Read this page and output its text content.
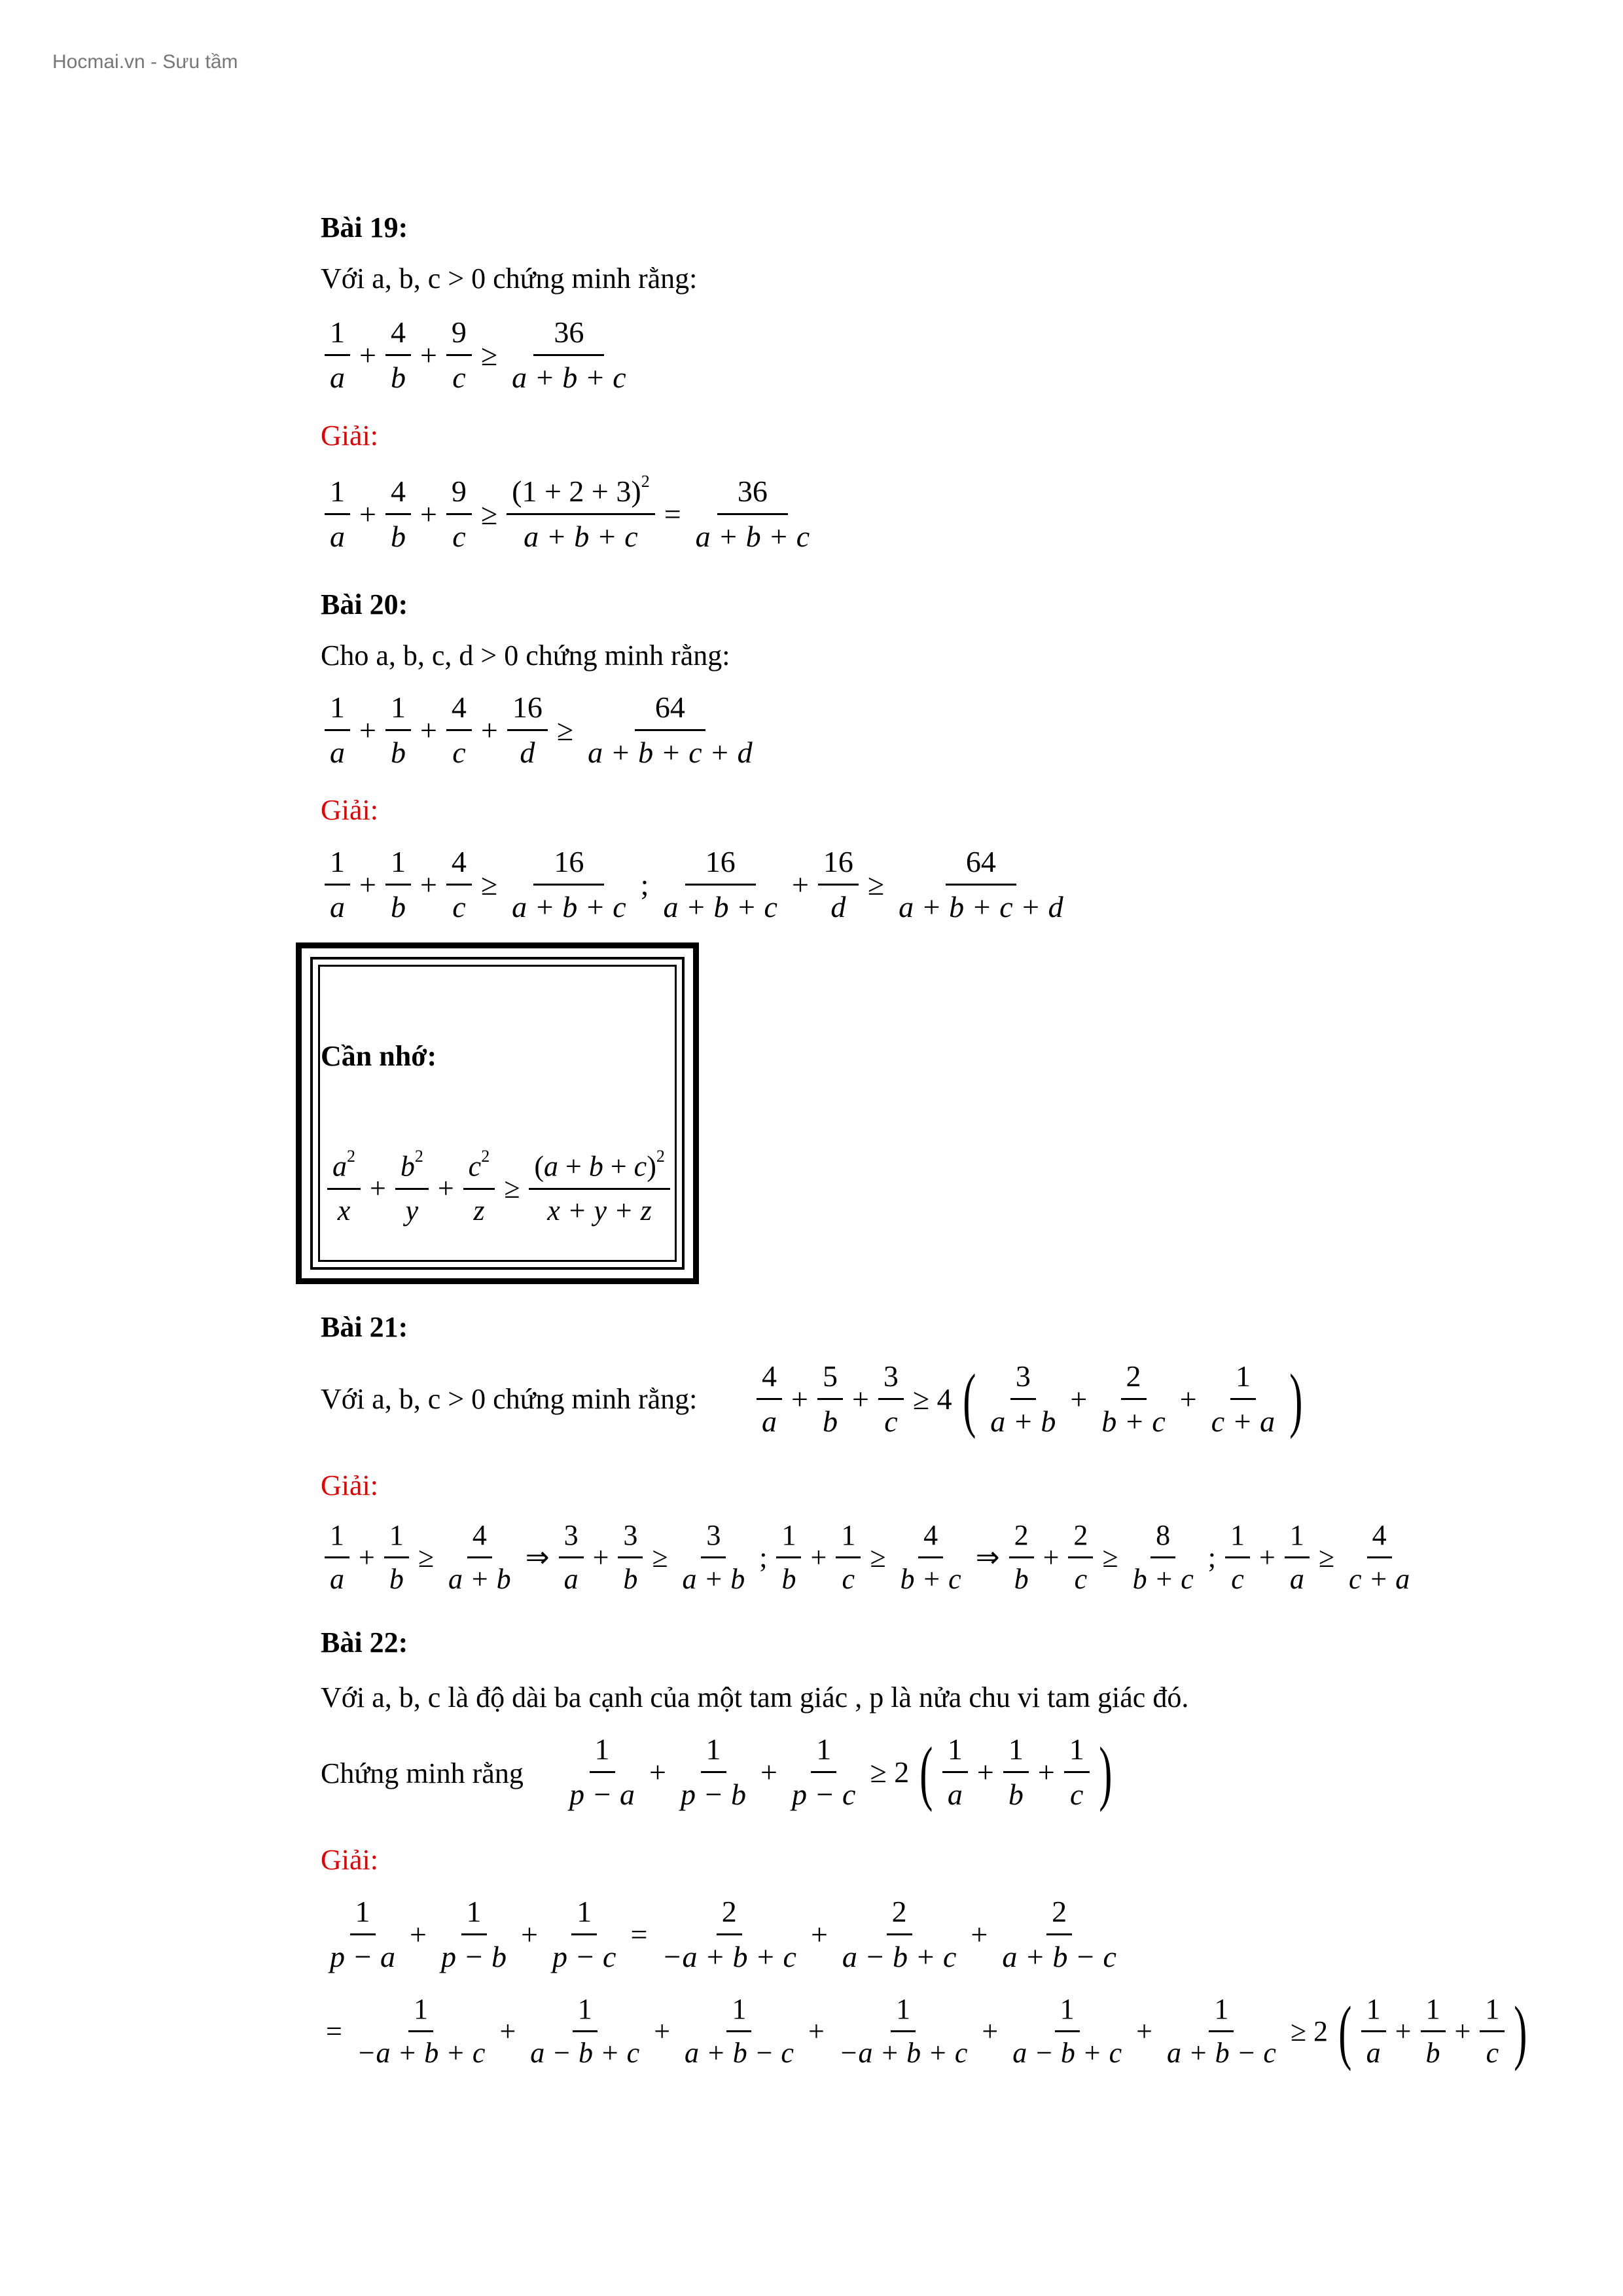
Hocmai.vn - Sưu tầm
Bài 19:
Với a, b, c > 0 chứng minh rằng:
$\frac{1}{a} + \frac{4}{b} + \frac{9}{c} \ge \frac{36}{a + b + c}$
Giải:
$\frac{1}{a} + \frac{4}{b} + \frac{9}{c} \ge \frac{(1 + 2 + 3)^2}{a + b + c} = \frac{36}{a + b + c}$
Bài 20:
Cho a, b, c, d > 0 chứng minh rằng:
$\frac{1}{a} + \frac{1}{b} + \frac{4}{c} + \frac{16}{d} \ge \frac{64}{a + b + c + d}$
Giải:
$\frac{1}{a} + \frac{1}{b} + \frac{4}{c} \ge \frac{16}{a + b + c}$ ; $\frac{16}{a + b + c} + \frac{16}{d} \ge \frac{64}{a + b + c + d}$
Cần nhớ:
$\frac{a^2}{x} + \frac{b^2}{y} + \frac{c^2}{z} \ge \frac{(a + b + c)^2}{x + y + z}$
Bài 21:
Với a, b, c > 0 chứng minh rằng: $\frac{4}{a} + \frac{5}{b} + \frac{3}{c} \ge 4$ ( $\frac{3}{a + b} + \frac{2}{b + c} + \frac{1}{c + a}$ )
Giải:
$\frac{1}{a} + \frac{1}{b} \ge \frac{4}{a + b}$ ⇒ $\frac{3}{a} + \frac{3}{b} \ge \frac{3}{a + b}$ ; $\frac{1}{b} + \frac{1}{c} \ge \frac{4}{b + c}$ ⇒ $\frac{2}{b} + \frac{2}{c} \ge \frac{8}{b + c}$ ; $\frac{1}{c} + \frac{1}{a} \ge \frac{4}{c + a}$
Bài 22:
Với a, b, c là độ dài ba cạnh của một tam giác , p là nửa chu vi tam giác đó.
Chứng minh rằng $\frac{1}{p - a} + \frac{1}{p - b} + \frac{1}{p - c} \ge 2$ ( $\frac{1}{a} + \frac{1}{b} + \frac{1}{c}$ )
Giải:
$\frac{1}{p - a} + \frac{1}{p - b} + \frac{1}{p - c} = \frac{2}{-a + b + c} + \frac{2}{a - b + c} + \frac{2}{a + b - c}$
= $\frac{1}{-a + b + c} + \frac{1}{a - b + c} + \frac{1}{a + b - c} + \frac{1}{-a + b + c} + \frac{1}{a - b + c} + \frac{1}{a + b - c} \ge 2$ ( $\frac{1}{a} + \frac{1}{b} + \frac{1}{c}$ )
